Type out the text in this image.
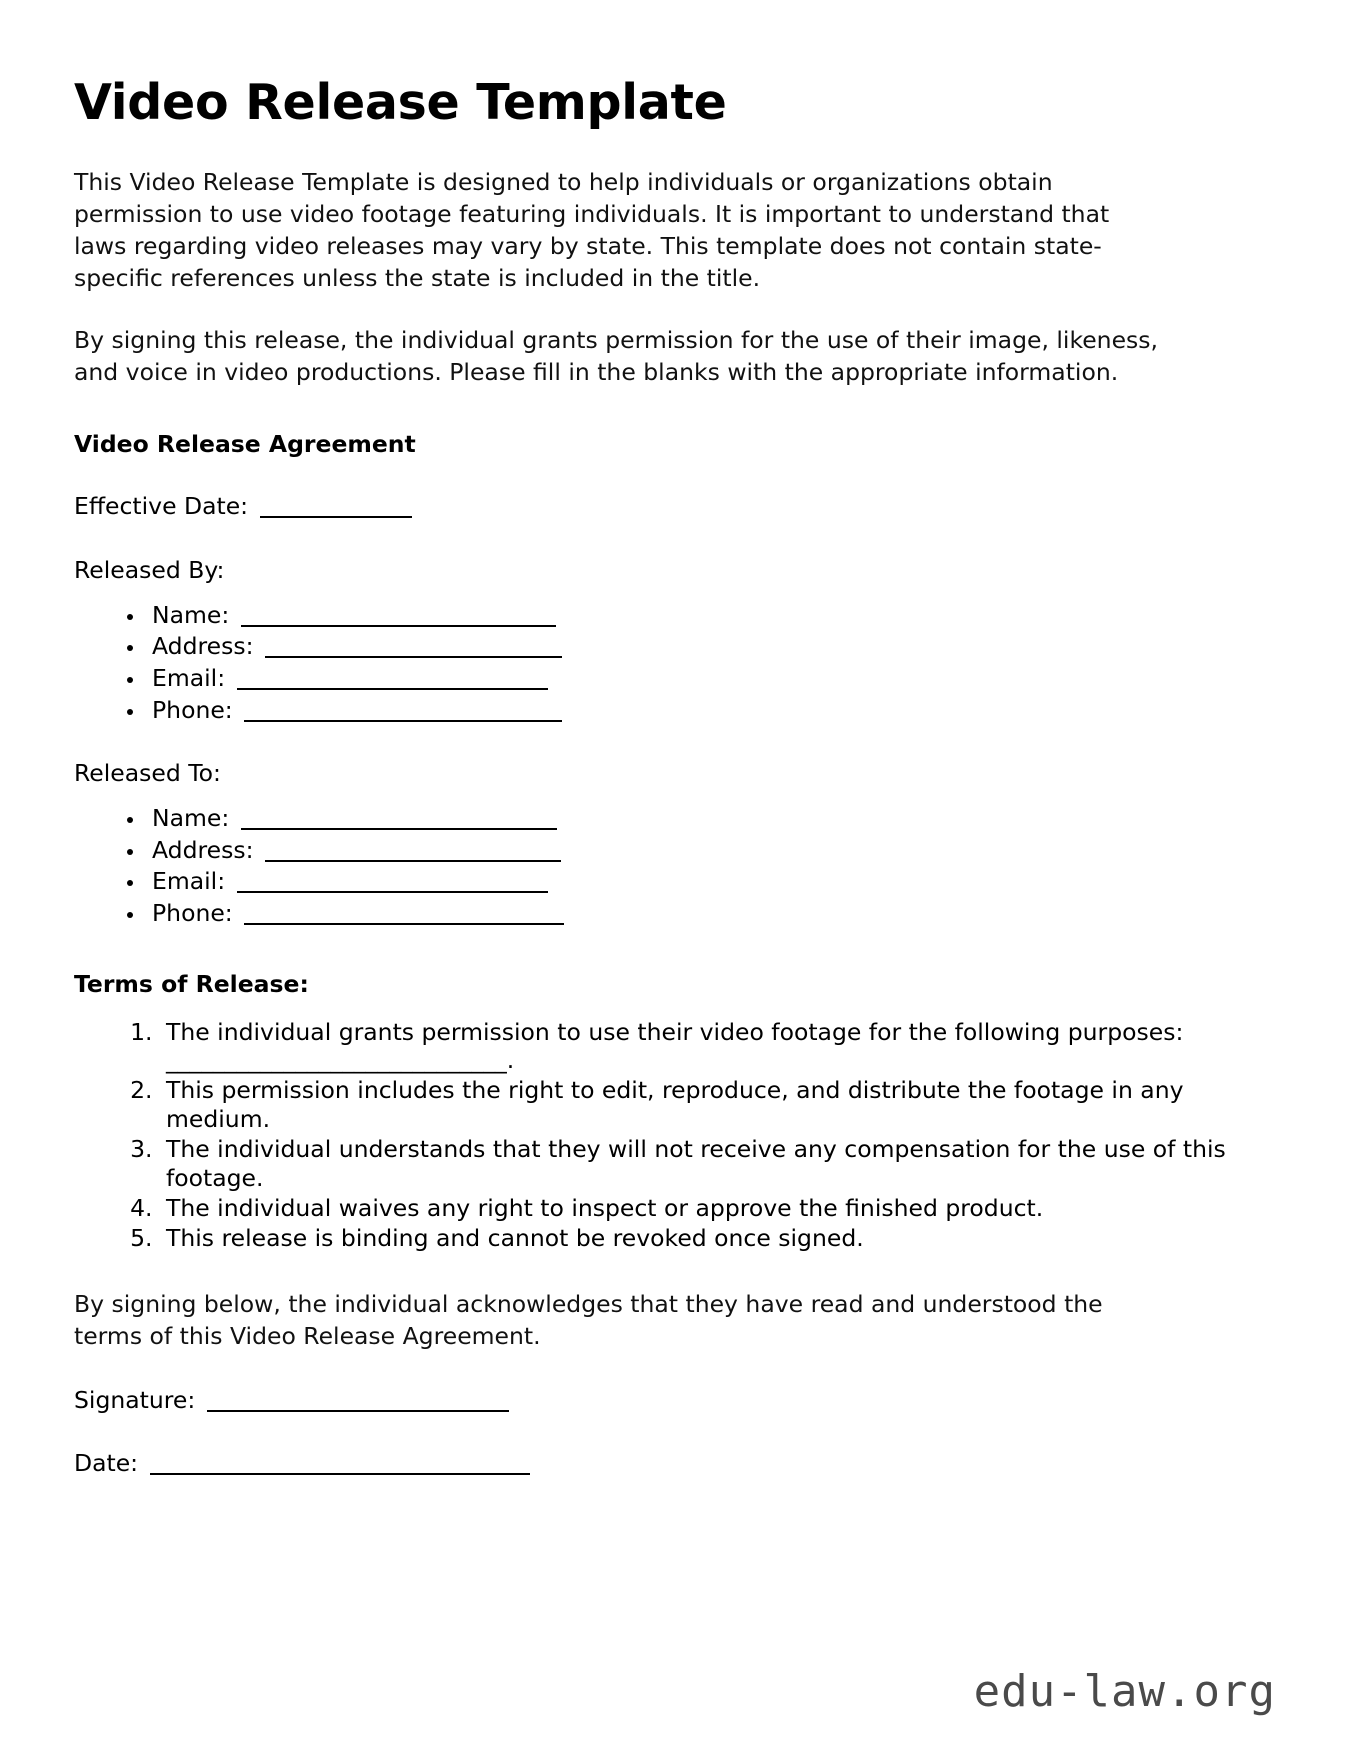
Video Release Template

This Video Release Template is designed to help individuals or organizations obtain permission to use video footage featuring individuals. It is important to understand that laws regarding video releases may vary by state. This template does not contain state-specific references unless the state is included in the title.

By signing this release, the individual grants permission for the use of their image, likeness, and voice in video productions. Please fill in the blanks with the appropriate information.

Video Release Agreement

Effective Date:

Released By:

• Name:
• Address:
• Email:
• Phone:

Released To:

• Name:
• Address:
• Email:
• Phone:
Terms of Release:
1. The individual grants permission to use their video footage for the following purposes: _____________________________.
2. This permission includes the right to edit, reproduce, and distribute the footage in any medium.
3. The individual understands that they will not receive any compensation for the use of this footage.
4. The individual waives any right to inspect or approve the finished product.
5. This release is binding and cannot be revoked once signed.

By signing below, the individual acknowledges that they have read and understood the terms of this Video Release Agreement.

Signature:

Date:

edu-law.org
